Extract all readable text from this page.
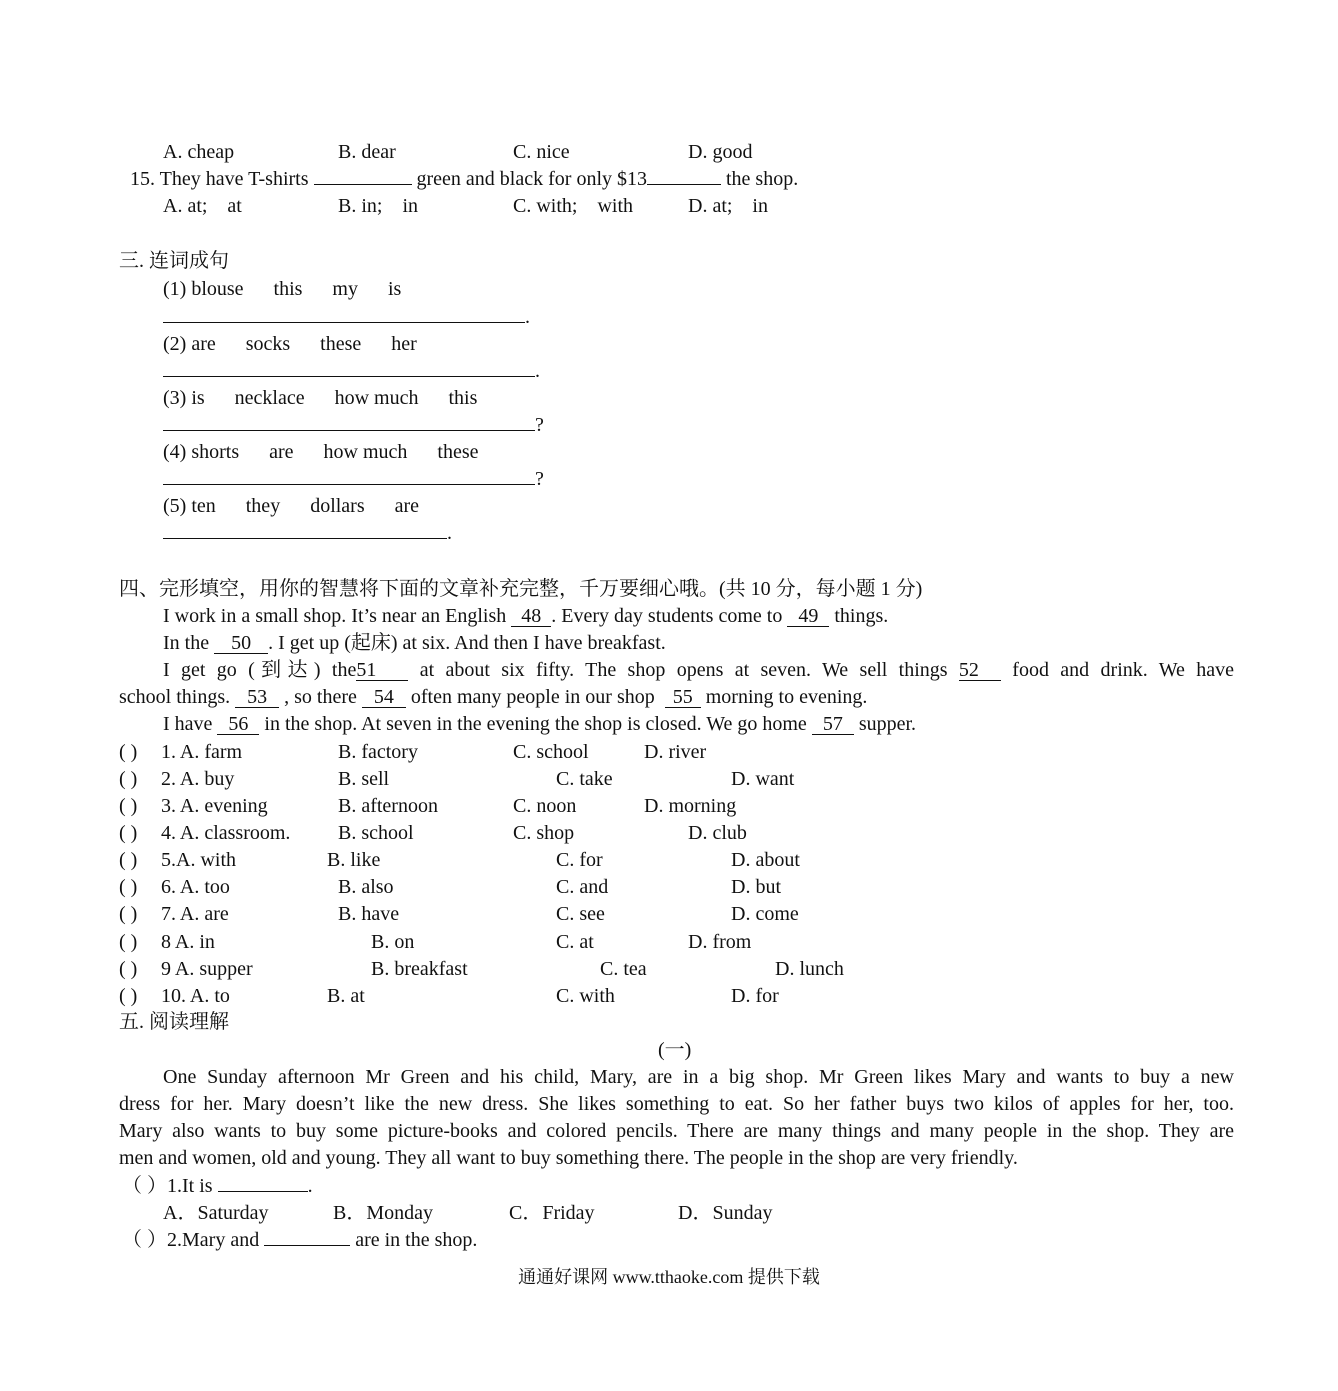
A. cheap	B. dear	C. nice	D. good
15. They have T-shirts	green and black for only $13	the shop.
A. at;    at	B. in;    in	C. with;    with	D. at;    in
三. 连词成句
(1) blouse      this      my      is
.
(2) are      socks      these      her
.
(3) is      necklace      how much      this
?
(4) shorts      are      how much      these
?
(5) ten      they      dollars      are
.
四、完形填空，用你的智慧将下面的文章补充完整，千万要细心哦。(共 10 分，每小题 1 分)
I work in a small shop. It’s near an English 48 . Every day students come to 49 things.
In the 50 . I get up (起床) at six. And then I have breakfast.
I get go (到达) the51 at about six fifty. The shop opens at seven. We sell things 52 food and drink. We have
school things. 53 , so there 54 often many people in our shop 55 morning to evening.
I have 56 in the shop. At seven in the evening the shop is closed. We go home 57 supper.
( ) 1. A. farm	B. factory	C. school	D. river
( ) 2. A. buy	B. sell	C. take	D. want
( ) 3. A. evening	B. afternoon	C. noon	D. morning
( ) 4. A. classroom. B. school	C. shop	D. club
( ) 5.A. with	B. like	C. for	D. about
( ) 6. A. too	B. also	C. and	D. but
( ) 7. A. are	B. have	C. see	D. come
( ) 8 A. in	B. on	C. at	D. from
( ) 9 A. supper	B. breakfast	C. tea	D. lunch
( ) 10. A. to	B. at	C. with	D. for
五. 阅读理解
(一)
One Sunday afternoon Mr Green and his child, Mary, are in a big shop. Mr Green likes Mary and wants to buy a new
dress for her. Mary doesn’t like the new dress. She likes something to eat. So her father buys two kilos of apples for her, too.
Mary also wants to buy some picture-books and colored pencils. There are many things and many people in the shop. They are
men and women, old and young. They all want to buy something there. The people in the shop are very friendly.
（ ）1.It is	.
A．Saturday	B．Monday	C．Friday	D．Sunday
（ ）2.Mary and	are in the shop.
通通好课网 www.tthaoke.com 提供下载
